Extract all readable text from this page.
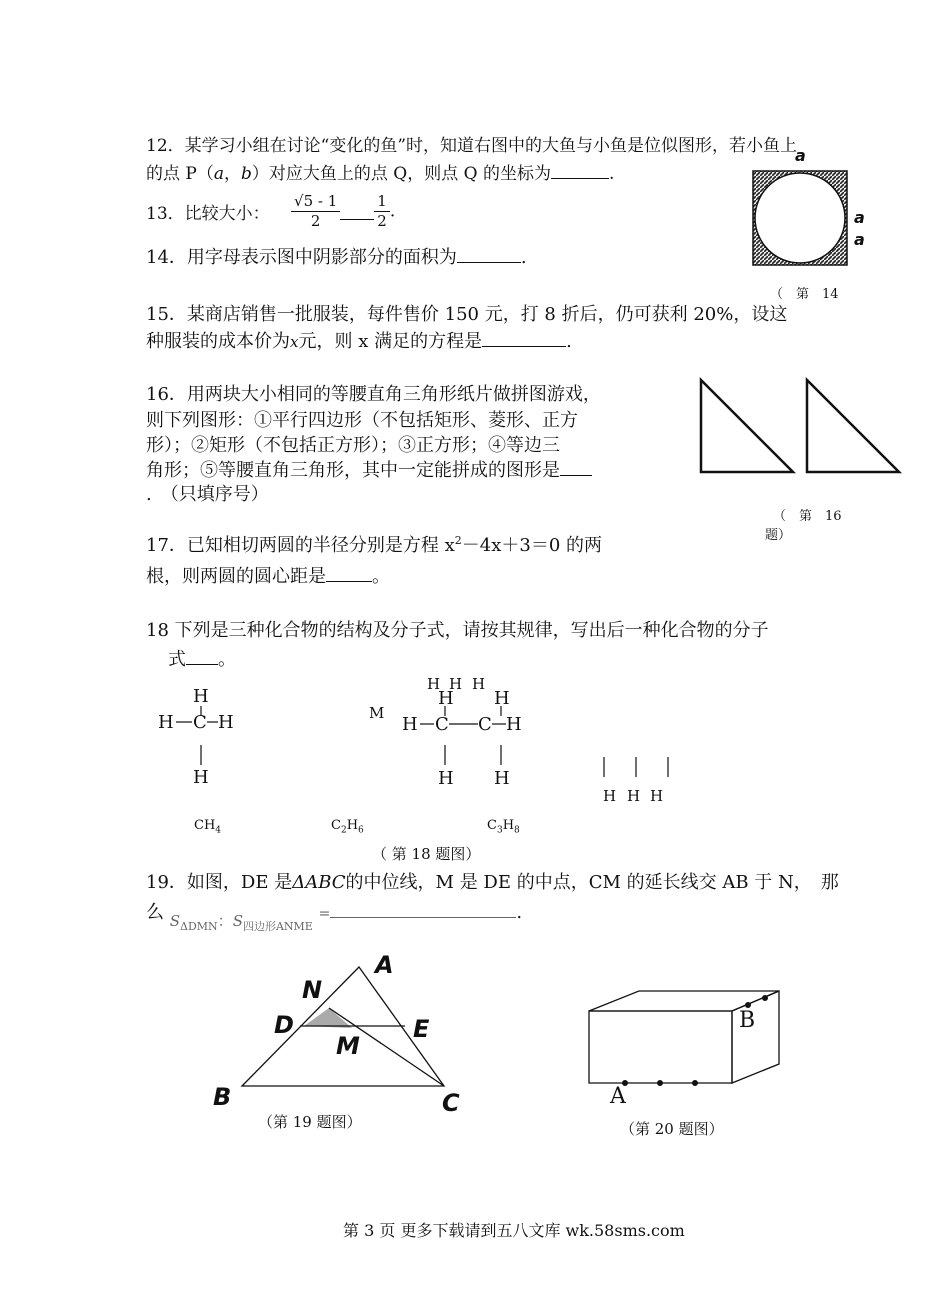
12．某学习小组在讨论“变化的鱼”时，知道右图中的大鱼与小鱼是位似图形，若小鱼上
的点 P（a，b）对应大鱼上的点 Q，则点 Q 的坐标为	.
13．比较大小： $\frac{√5 - 1}{2} \frac{1}{2}$ .
14．用字母表示图中阴影部分的面积为	.
a
a
a
（　第　14
15．某商店销售一批服装，每件售价 150 元，打 8 折后，仍可获利 20%，设这
种服装的成本价为x元，则 x 满足的方程是	.
16．用两块大小相同的等腰直角三角形纸片做拼图游戏，
则下列图形：①平行四边形（不包括矩形、菱形、正方
形）；②矩形（不包括正方形）；③正方形；④等边三
角形；⑤等腰直角三角形，其中一定能拼成的图形是
.　（只填序号）
（　第　16
题）
17．已知相切两圆的半径分别是方程 $x^2-4x+3=0$ 的两
根，则两圆的圆心距是	。
18 下列是三种化合物的结构及分子式，请按其规律，写出后一种化合物的分子
式 。
H
H C H
H
M
H H H
H H
H C C H
H H
H H H
$CH_4$	$C_2H_6$	$C_3H_8$
（ 第 18 题图）
19．如图，DE 是ΔABC的中位线，M 是 DE 的中点，CM 的延长线交 AB 于 N，　那
么 $_{S_{\Delta DMN}:S_{四边形ANME}}$ =	.
A
N
D	E
M
B	C
（第 19 题图）
A
B
（第 20 题图）
第 3 页 更多下载请到五八文库 wk.58sms.com
